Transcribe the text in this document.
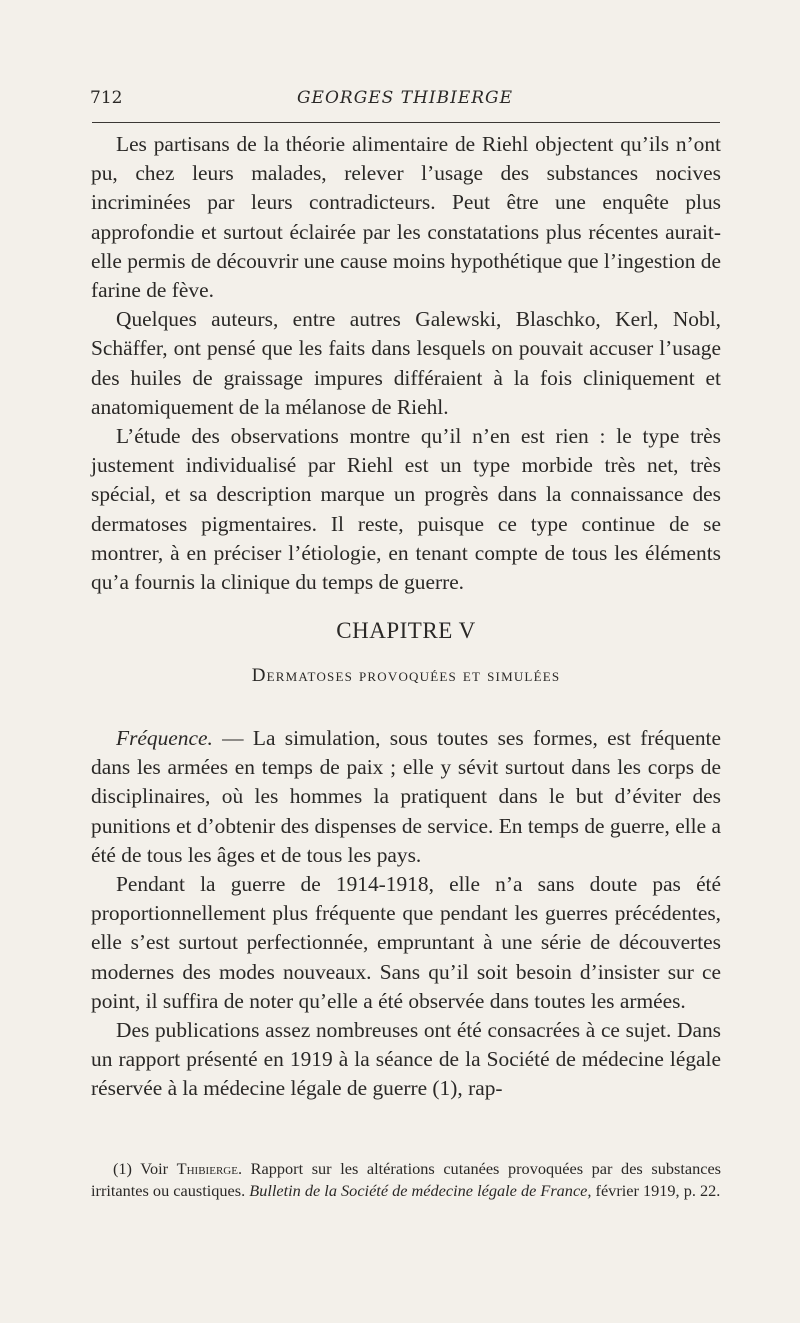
712	GEORGES THIBIERGE

Les partisans de la théorie alimentaire de Riehl objectent qu’ils n’ont pu, chez leurs malades, relever l’usage des substances nocives incriminées par leurs contradicteurs. Peut être une enquête plus approfondie et surtout éclairée par les constatations plus récentes aurait-elle permis de découvrir une cause moins hypothétique que l’ingestion de farine de fève.

Quelques auteurs, entre autres Galewski, Blaschko, Kerl, Nobl, Schäffer, ont pensé que les faits dans lesquels on pouvait accuser l’usage des huiles de graissage impures différaient à la fois cliniquement et anatomiquement de la mélanose de Riehl.

L’étude des observations montre qu’il n’en est rien : le type très justement individualisé par Riehl est un type morbide très net, très spécial, et sa description marque un progrès dans la connaissance des dermatoses pigmentaires. Il reste, puisque ce type continue de se montrer, à en préciser l’étiologie, en tenant compte de tous les éléments qu’a fournis la clinique du temps de guerre.

CHAPITRE V
Dermatoses provoquées et simulées

Fréquence. — La simulation, sous toutes ses formes, est fréquente dans les armées en temps de paix ; elle y sévit surtout dans les corps de disciplinaires, où les hommes la pratiquent dans le but d’éviter des punitions et d’obtenir des dispenses de service. En temps de guerre, elle a été de tous les âges et de tous les pays.

Pendant la guerre de 1914-1918, elle n’a sans doute pas été proportionnellement plus fréquente que pendant les guerres précédentes, elle s’est surtout perfectionnée, empruntant à une série de découvertes modernes des modes nouveaux. Sans qu’il soit besoin d’insister sur ce point, il suffira de noter qu’elle a été observée dans toutes les armées.

Des publications assez nombreuses ont été consacrées à ce sujet. Dans un rapport présenté en 1919 à la séance de la Société de médecine légale réservée à la médecine légale de guerre (1), rap-

(1) Voir Thibierge. Rapport sur les altérations cutanées provoquées par des substances irritantes ou caustiques. Bulletin de la Société de médecine légale de France, février 1919, p. 22.
